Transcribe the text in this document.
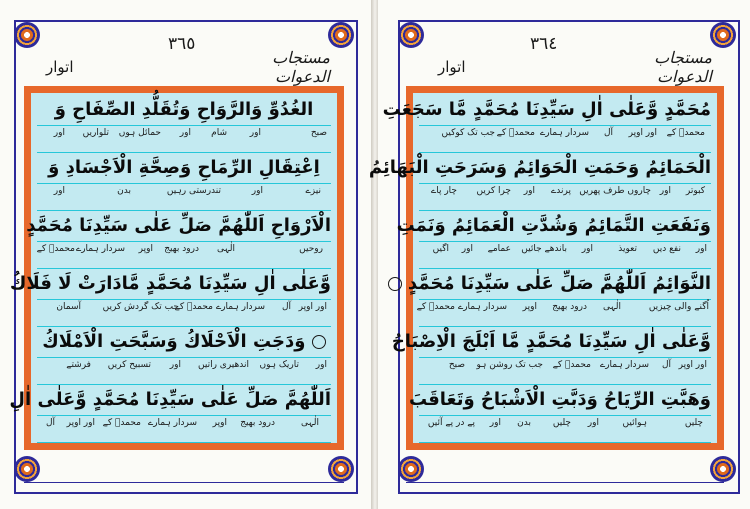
٣٦٥
مستجاب الدعوات
اتوار
الغُدُوِّ وَالرَّوَاحِ وَتُقَلُّدِ الصِّفَاحِ وَ
صبح
اور
شام
اور
حمائل ہوں
تلواریں
اور
اِعْتِقَالِ الرِّمَاحِ وَصِحَّةِ الْاَجْسَادِ وَ
نیزے
اور
تندرستی رہیں
بدن
اور
الْاَرْوَاحِ اَللّٰهُمَّ صَلِّ عَلٰى سَيِّدِنَا مُحَمَّدٍ
روحیں
الٰہی
درود بھیج
اوپر
سردار ہمارے
محمدؐ کے
وَّعَلٰى اٰلِ سَيِّدِنَا مُحَمَّدٍ مَّادَارَتْ لَا فَلَاكُ
اور اوپر
آل
سردار ہمارے
محمدؐ کے
جب تک گردش کریں
آسمان
وَدَجَتِ الْاَحْلَاكُ وَسَبَّحَتِ الْاَمْلَاكُ
اور
تاریک ہوں
اندھیری راتیں
اور
تسبیح کریں
فرشتے
اَللّٰهُمَّ صَلِّ عَلٰى سَيِّدِنَا مُحَمَّدٍ وَّعَلٰى اٰلِ
الٰہی
درود بھیج
اوپر
سردار ہمارے
محمدؐ کے
اور اوپر
آل
٣٦٤
مستجاب الدعوات
اتوار
مُحَمَّدٍ وَّعَلٰى اٰلِ سَيِّدِنَا مُحَمَّدٍ مَّا سَجَعَتِ
محمدؐ کے
اور اوپر
آل
سردار ہمارے
محمدؐ کے
جب تک کوکیں
الْحَمَائِمُ وَحَمَتِ الْحَوَائِمُ وَسَرَحَتِ الْبَهَائِمُ
کبوتر
اور
چاروں طرف پھریں
پرندے
اور
چرا کریں
چار پاے
وَنَفَعَتِ التَّمَائِمُ وَشُدَّتِ الْعَمَائِمُ وَنَمَتِ
اور
نفع دیں
تعویذ
اور
باندھے جائیں
عمامے
اور
اگیں
النَّوَائِمُ اَللّٰهُمَّ صَلِّ عَلٰى سَيِّدِنَا مُحَمَّدٍ
اُگنے والی چیزیں
الٰہی
درود بھیج
اوپر
سردار ہمارے
محمدؐ کے
وَّعَلٰى اٰلِ سَيِّدِنَا مُحَمَّدٍ مَّا اَبْلَجَ الْاِصْبَاحُ
اور اوپر
آل
سردار ہمارے
محمدؐ کے
جب تک روشن ہو
صبح
وَهَبَّتِ الرِّيَاحُ وَدَبَّتِ الْاَشْبَاحُ وَتَعَاقَبَ
چلیں
ہوائیں
اور
چلیں
بدن
اور
پے در پے آئیں
